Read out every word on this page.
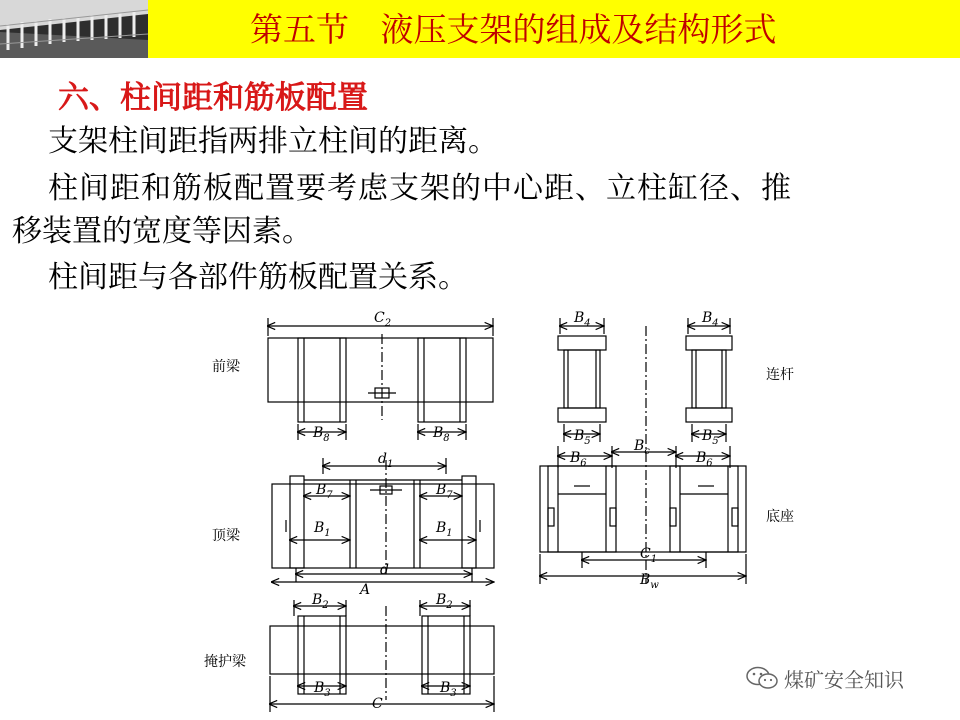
第五节   液压支架的组成及结构形式
六、柱间距和筋板配置
支架柱间距指两排立柱间的距离。
柱间距和筋板配置要考虑支架的中心距、立柱缸径、推
移装置的宽度等因素。
柱间距与各部件筋板配置关系。
前梁
顶梁
掩护梁
连杆
底座
$C_2$
$B_8$	$B_8$
$d_1$
$B_7$	$B_7$
$B_1$	$B_1$
d
A
$B_2$	$B_2$
$B_3$	$B_3$
C
$B_4$	$B_4$
$B_5$	$B_5$
$B_c$
$B_6$	$B_6$
$C_1$
$B_w$
煤矿安全知识
